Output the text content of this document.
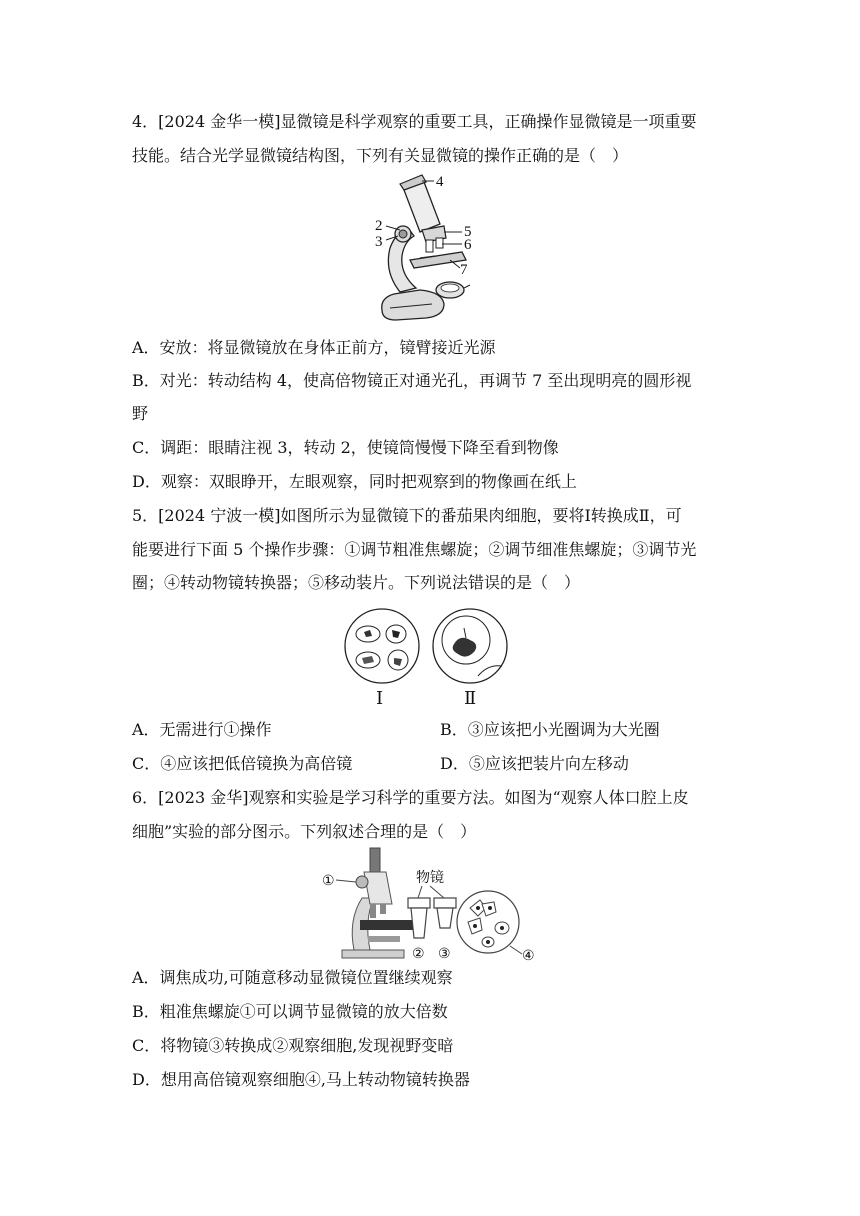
4．[2024 金华一模]显微镜是科学观察的重要工具，正确操作显微镜是一项重要
技能。结合光学显微镜结构图，下列有关显微镜的操作正确的是（　）
4
2
3
5
6
7
A．安放：将显微镜放在身体正前方，镜臂接近光源
B．对光：转动结构 4，使高倍物镜正对通光孔，再调节 7 至出现明亮的圆形视
野
C．调距：眼睛注视 3，转动 2，使镜筒慢慢下降至看到物像
D．观察：双眼睁开，左眼观察，同时把观察到的物像画在纸上
5．[2024 宁波一模]如图所示为显微镜下的番茄果肉细胞，要将Ⅰ转换成Ⅱ，可
能要进行下面 5 个操作步骤：①调节粗准焦螺旋；②调节细准焦螺旋；③调节光
圈；④转动物镜转换器；⑤移动装片。下列说法错误的是（　）
Ⅰ	Ⅱ
A．无需进行①操作	B．③应该把小光圈调为大光圈
C．④应该把低倍镜换为高倍镜	D．⑤应该把装片向左移动
6．[2023 金华]观察和实验是学习科学的重要方法。如图为“观察人体口腔上皮
细胞”实验的部分图示。下列叙述合理的是（　）
①	物镜
② ③	④
A．调焦成功,可随意移动显微镜位置继续观察
B．粗准焦螺旋①可以调节显微镜的放大倍数
C．将物镜③转换成②观察细胞,发现视野变暗
D．想用高倍镜观察细胞④,马上转动物镜转换器
